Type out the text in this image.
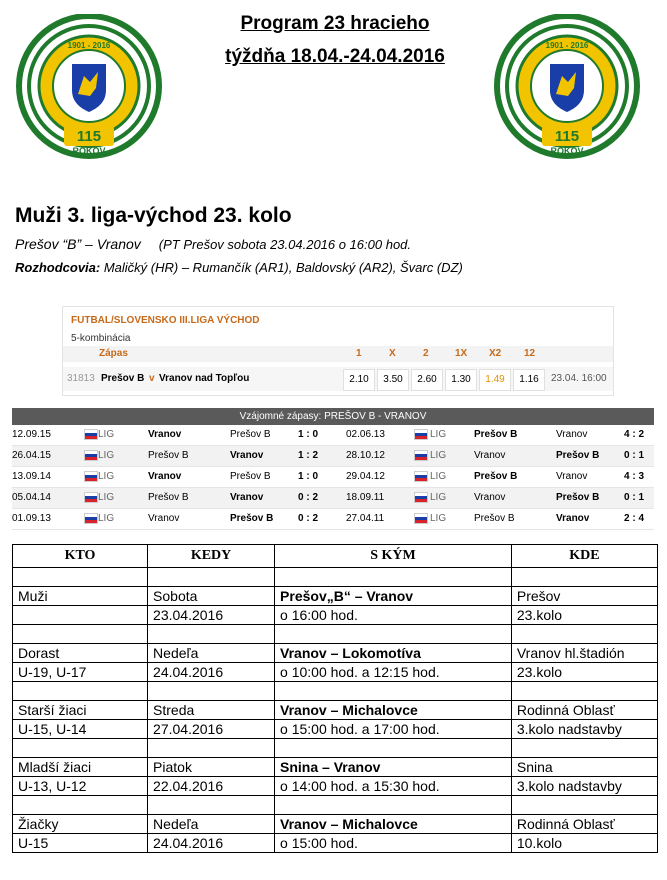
115
ROKOV
1901 - 2016
115
ROKOV
1901 - 2016
Program 23 hracieho
týždňa 18.04.-24.04.2016
Muži 3. liga-východ 23. kolo
Prešov “B” – Vranov (PT Prešov sobota 23.04.2016 o 16:00 hod.
Rozhodcovia: Maličký (HR) – Rumančík (AR1), Baldovský (AR2), Švarc (DZ)
FUTBAL/SLOVENSKO III.LIGA VÝCHOD
5-kombinácia
Zápas	1	X	2	1X X2 12
31813 Prešov B v Vranov nad Topľou	2.10	3.50	2.60	1.30	1.49	1.16	23.04. 16:00
Vzájomné zápasy: PREŠOV B - VRANOV
12.09.15	LIG	Vranov	Prešov B	1 : 0	02.06.13	LIG	Prešov B	Vranov	4 : 2
26.04.15	LIG	Prešov B	Vranov	1 : 2	28.10.12	LIG	Vranov	Prešov B 0 : 1
13.09.14	LIG	Vranov	Prešov B	1 : 0	29.04.12	LIG	Prešov B	Vranov	4 : 3
05.04.14	LIG	Prešov B	Vranov	0 : 2	18.09.11	LIG	Vranov	Prešov B 0 : 1
01.09.13	LIG	Vranov	Prešov B 0 : 2	27.04.11	LIG	Prešov B	Vranov	2 : 4
KTO	KEDY	S KÝM	KDE

Muži	Sobota	Prešov„B“ – Vranov	Prešov
	23.04.2016	o 16:00 hod.	23.kolo

Dorast	Nedeľa	Vranov – Lokomotíva	Vranov hl.štadión
U-19, U-17	24.04.2016	o 10:00 hod. a 12:15 hod.	23.kolo

Starší žiaci	Streda	Vranov – Michalovce	Rodinná Oblasť
U-15, U-14	27.04.2016	o 15:00 hod. a 17:00 hod.	3.kolo nadstavby

Mladší žiaci	Piatok	Snina – Vranov	Snina
U-13, U-12	22.04.2016	o 14:00 hod. a 15:30 hod.	3.kolo nadstavby

Žiačky	Nedeľa	Vranov – Michalovce	Rodinná Oblasť
U-15	24.04.2016	o 15:00 hod.	10.kolo
